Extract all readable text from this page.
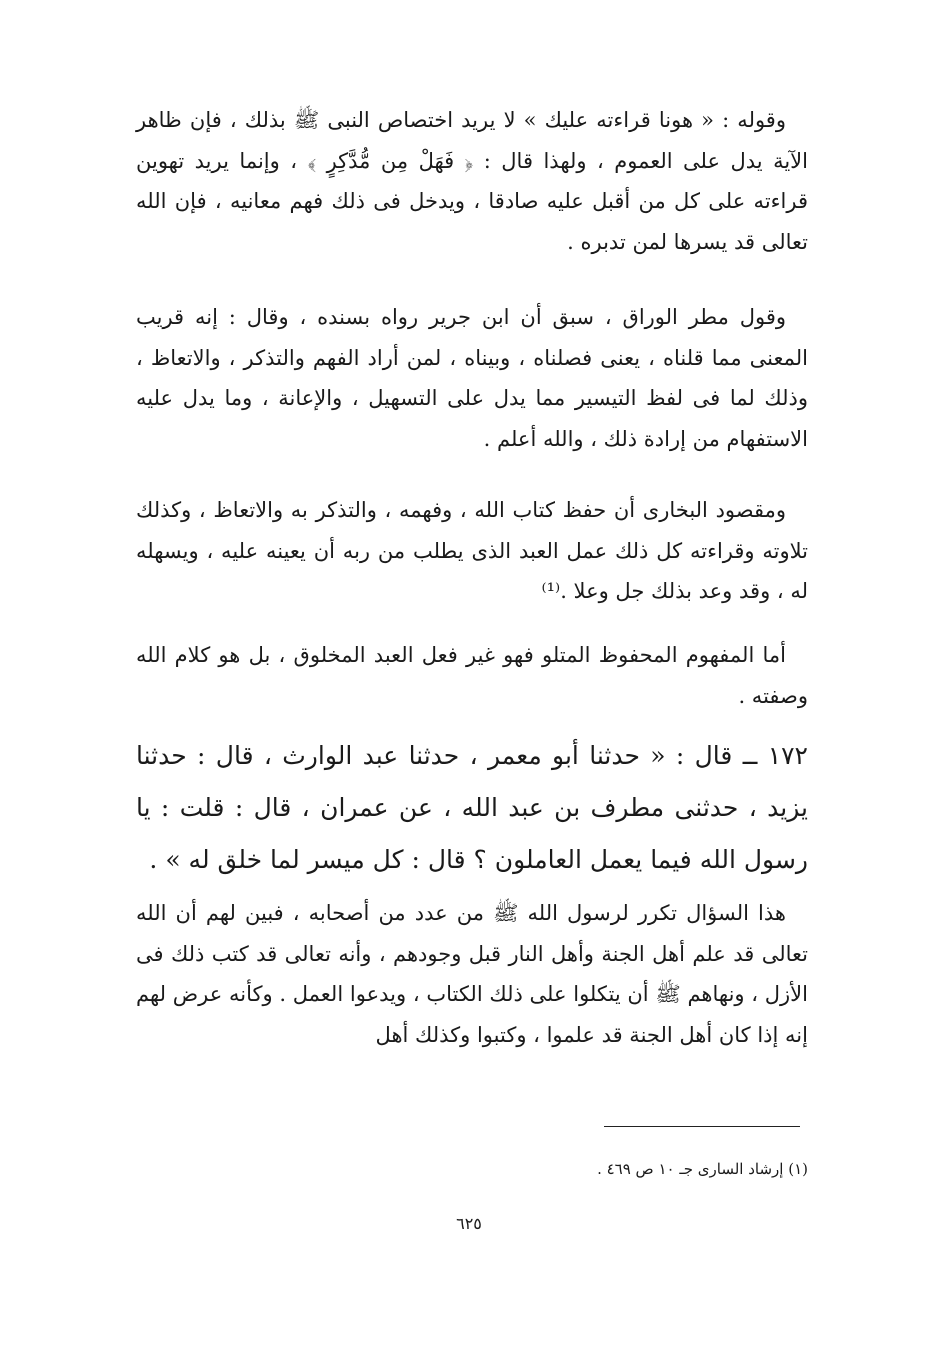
وقوله : « هونا قراءته عليك » لا يريد اختصاص النبى ﷺ بذلك ، فإن ظاهر الآية يدل على العموم ، ولهذا قال : ﴿ فَهَلْ مِن مُّدَّكِرٍ ﴾ ، وإنما يريد تهوين قراءته على كل من أقبل عليه صادقا ، ويدخل فى ذلك فهم معانيه ، فإن الله تعالى قد يسرها لمن تدبره .

وقول مطر الوراق ، سبق أن ابن جرير رواه بسنده ، وقال : إنه قريب المعنى مما قلناه ، يعنى فصلناه ، وبيناه ، لمن أراد الفهم والتذكر ، والاتعاظ ، وذلك لما فى لفظ التيسير مما يدل على التسهيل ، والإعانة ، وما يدل عليه الاستفهام من إرادة ذلك ، والله أعلم .

ومقصود البخارى أن حفظ كتاب الله ، وفهمه ، والتذكر به والاتعاظ ، وكذلك تلاوته وقراءته كل ذلك عمل العبد الذى يطلب من ربه أن يعينه عليه ، ويسهله له ، وقد وعد بذلك جل وعلا .⁽¹⁾

أما المفهوم المحفوظ المتلو فهو غير فعل العبد المخلوق ، بل هو كلام الله وصفته .

١٧٢ ــ قال : « حدثنا أبو معمر ، حدثنا عبد الوارث ، قال : حدثنا يزيد ، حدثنى مطرف بن عبد الله ، عن عمران ، قال : قلت : يا رسول الله فيما يعمل العاملون ؟ قال : كل ميسر لما خلق له » .

هذا السؤال تكرر لرسول الله ﷺ من عدد من أصحابه ، فبين لهم أن الله تعالى قد علم أهل الجنة وأهل النار قبل وجودهم ، وأنه تعالى قد كتب ذلك فى الأزل ، ونهاهم ﷺ أن يتكلوا على ذلك الكتاب ، ويدعوا العمل . وكأنه عرض لهم إنه إذا كان أهل الجنة قد علموا ، وكتبوا وكذلك أهل

(١) إرشاد السارى جـ ١٠ ص ٤٦٩ .
٦٢٥
